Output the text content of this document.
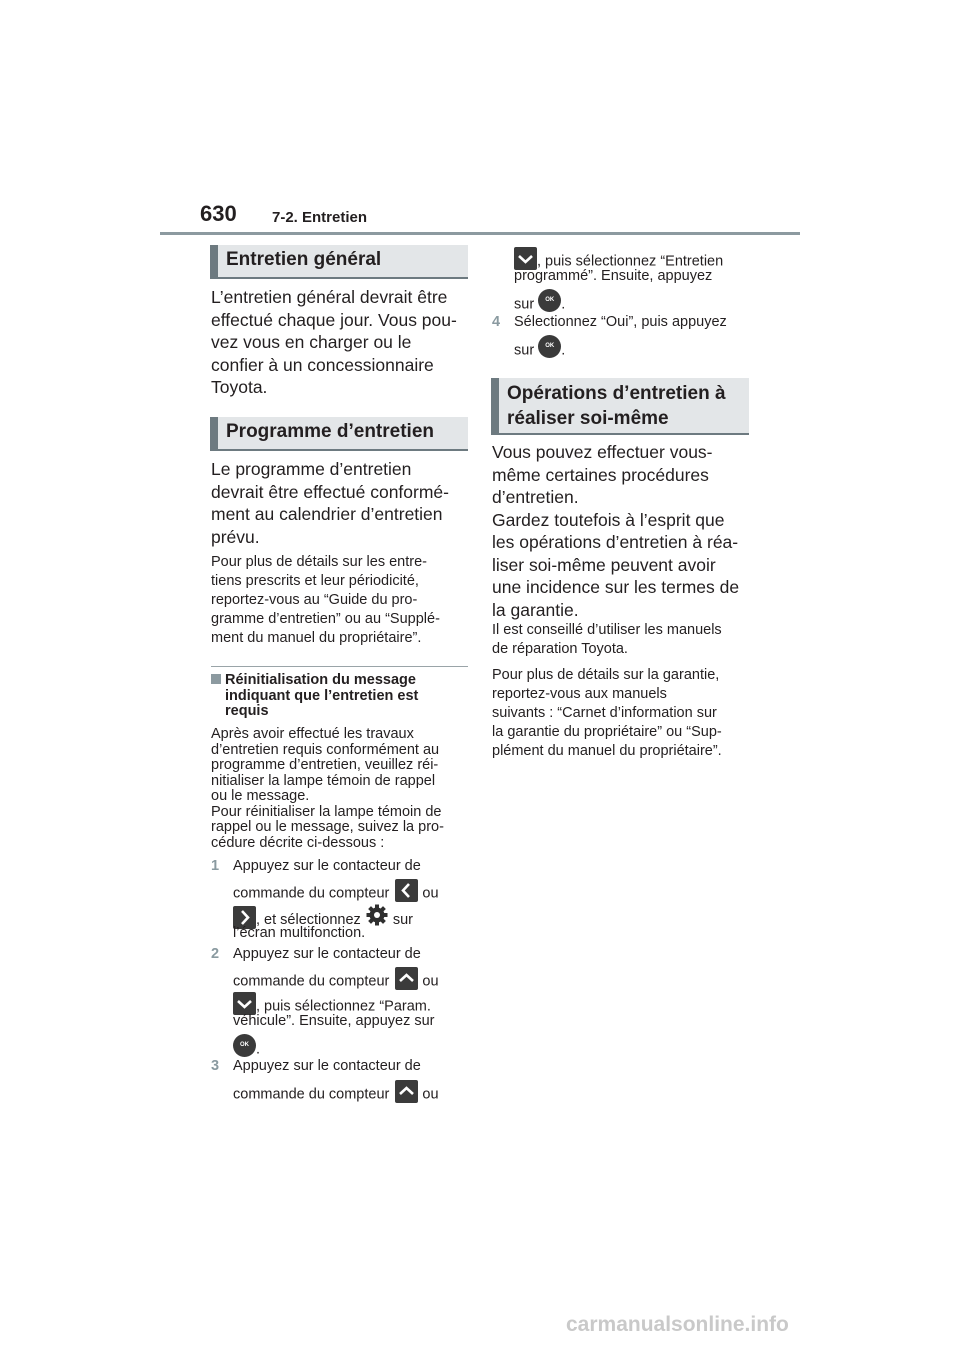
630 7-2. Entretien
Entretien général
L’entretien général devrait être
effectué chaque jour. Vous pou-
vez vous en charger ou le
confier à un concessionnaire
Toyota.
Programme d’entretien
Le programme d’entretien
devrait être effectué conformé-
ment au calendrier d’entretien
prévu.
Pour plus de détails sur les entre-
tiens prescrits et leur périodicité,
reportez-vous au “Guide du pro-
gramme d’entretien” ou au “Supplé-
ment du manuel du propriétaire”.
Réinitialisation du message
indiquant que l’entretien est
requis
Après avoir effectué les travaux
d’entretien requis conformément au
programme d’entretien, veuillez réi-
nitialiser la lampe témoin de rappel
ou le message.
Pour réinitialiser la lampe témoin de
rappel ou le message, suivez la pro-
cédure décrite ci-dessous :
1 Appuyez sur le contacteur de
commande du compteur ou
, et sélectionnez sur
l’écran multifonction.
2 Appuyez sur le contacteur de
commande du compteur ou
, puis sélectionnez “Param.
véhicule”. Ensuite, appuyez sur
OK .
3 Appuyez sur le contacteur de
commande du compteur ou
, puis sélectionnez “Entretien
programmé”. Ensuite, appuyez
sur OK .
4 Sélectionnez “Oui”, puis appuyez
sur OK .
Opérations d’entretien à
réaliser soi-même
Vous pouvez effectuer vous-
même certaines procédures
d’entretien.
Gardez toutefois à l’esprit que
les opérations d’entretien à réa-
liser soi-même peuvent avoir
une incidence sur les termes de
la garantie.
Il est conseillé d’utiliser les manuels
de réparation Toyota.
Pour plus de détails sur la garantie,
reportez-vous aux manuels
suivants : “Carnet d’information sur
la garantie du propriétaire” ou “Sup-
plément du manuel du propriétaire”.
carmanualsonline.info
